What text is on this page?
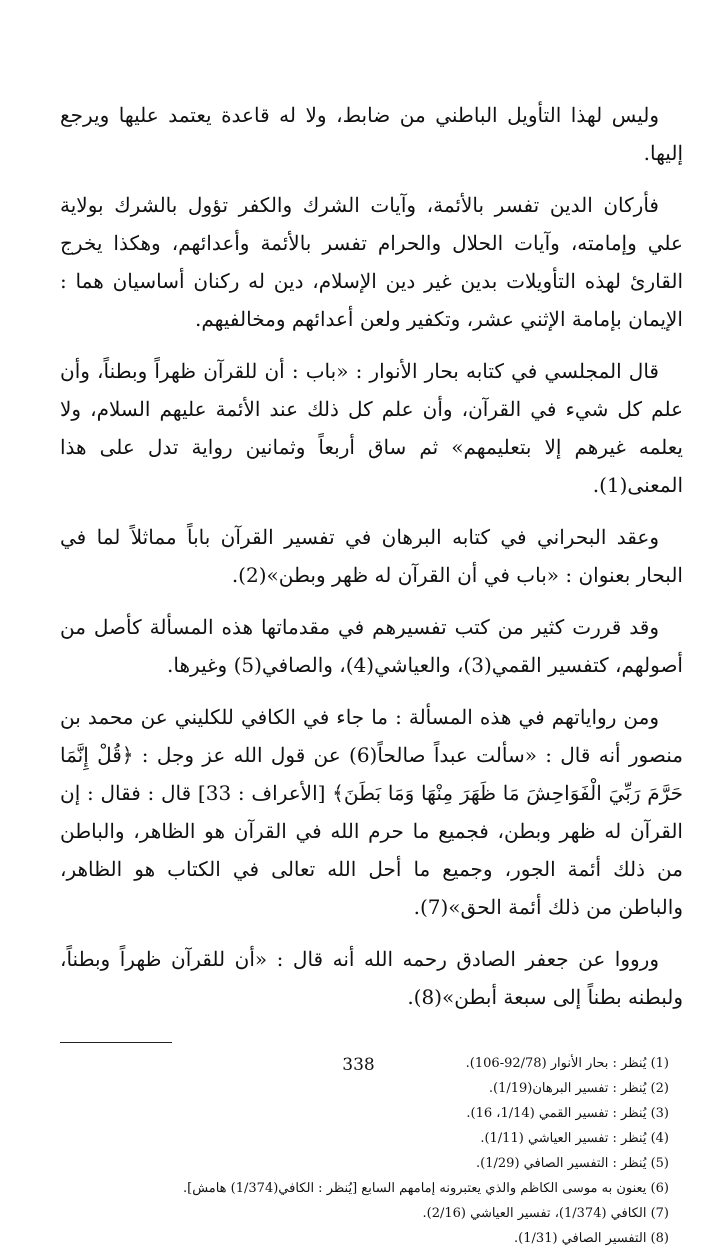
وليس لهذا التأويل الباطني من ضابط، ولا له قاعدة يعتمد عليها ويرجع إليها.

فأركان الدين تفسر بالأئمة، وآيات الشرك والكفر تؤول بالشرك بولاية علي وإمامته، وآيات الحلال والحرام تفسر بالأئمة وأعدائهم، وهكذا يخرج القارئ لهذه التأويلات بدين غير دين الإسلام، دين له ركنان أساسيان هما : الإيمان بإمامة الإثني عشر، وتكفير ولعن أعدائهم ومخالفيهم.

قال المجلسي في كتابه بحار الأنوار : «باب : أن للقرآن ظهراً وبطناً، وأن علم كل شيء في القرآن، وأن علم كل ذلك عند الأئمة عليهم السلام، ولا يعلمه غيرهم إلا بتعليمهم» ثم ساق أربعاً وثمانين رواية تدل على هذا المعنى(1).

وعقد البحراني في كتابه البرهان في تفسير القرآن باباً مماثلاً لما في البحار بعنوان : «باب في أن القرآن له ظهر وبطن»(2).

وقد قررت كثير من كتب تفسيرهم في مقدماتها هذه المسألة كأصل من أصولهم، كتفسير القمي(3)، والعياشي(4)، والصافي(5) وغيرها.

ومن رواياتهم في هذه المسألة : ما جاء في الكافي للكليني عن محمد بن منصور أنه قال : «سألت عبداً صالحاً(6) عن قول الله عز وجل : ﴿قُلْ إِنَّمَا حَرَّمَ رَبِّيَ الْفَوَاحِشَ مَا ظَهَرَ مِنْهَا وَمَا بَطَنَ﴾ [الأعراف : 33] قال : فقال : إن القرآن له ظهر وبطن، فجميع ما حرم الله في القرآن هو الظاهر، والباطن من ذلك أئمة الجور، وجميع ما أحل الله تعالى في الكتاب هو الظاهر، والباطن من ذلك أئمة الحق»(7).

ورووا عن جعفر الصادق رحمه الله أنه قال : «أن للقرآن ظهراً وبطناً، ولبطنه بطناً إلى سبعة أبطن»(8).

(1) يُنظر : بحار الأنوار (92/78-106).

(2) يُنظر : تفسير البرهان(1/19).

(3) يُنظر : تفسير القمي (1/14، 16).

(4) يُنظر : تفسير العياشي (1/11).

(5) يُنظر : التفسير الصافي (1/29).

(6) يعنون به موسى الكاظم والذي يعتبرونه إمامهم السابع [يُنظر : الكافي(1/374) هامش].

(7) الكافي (1/374)، تفسير العياشي (2/16).

(8) التفسير الصافي (1/31).

338
